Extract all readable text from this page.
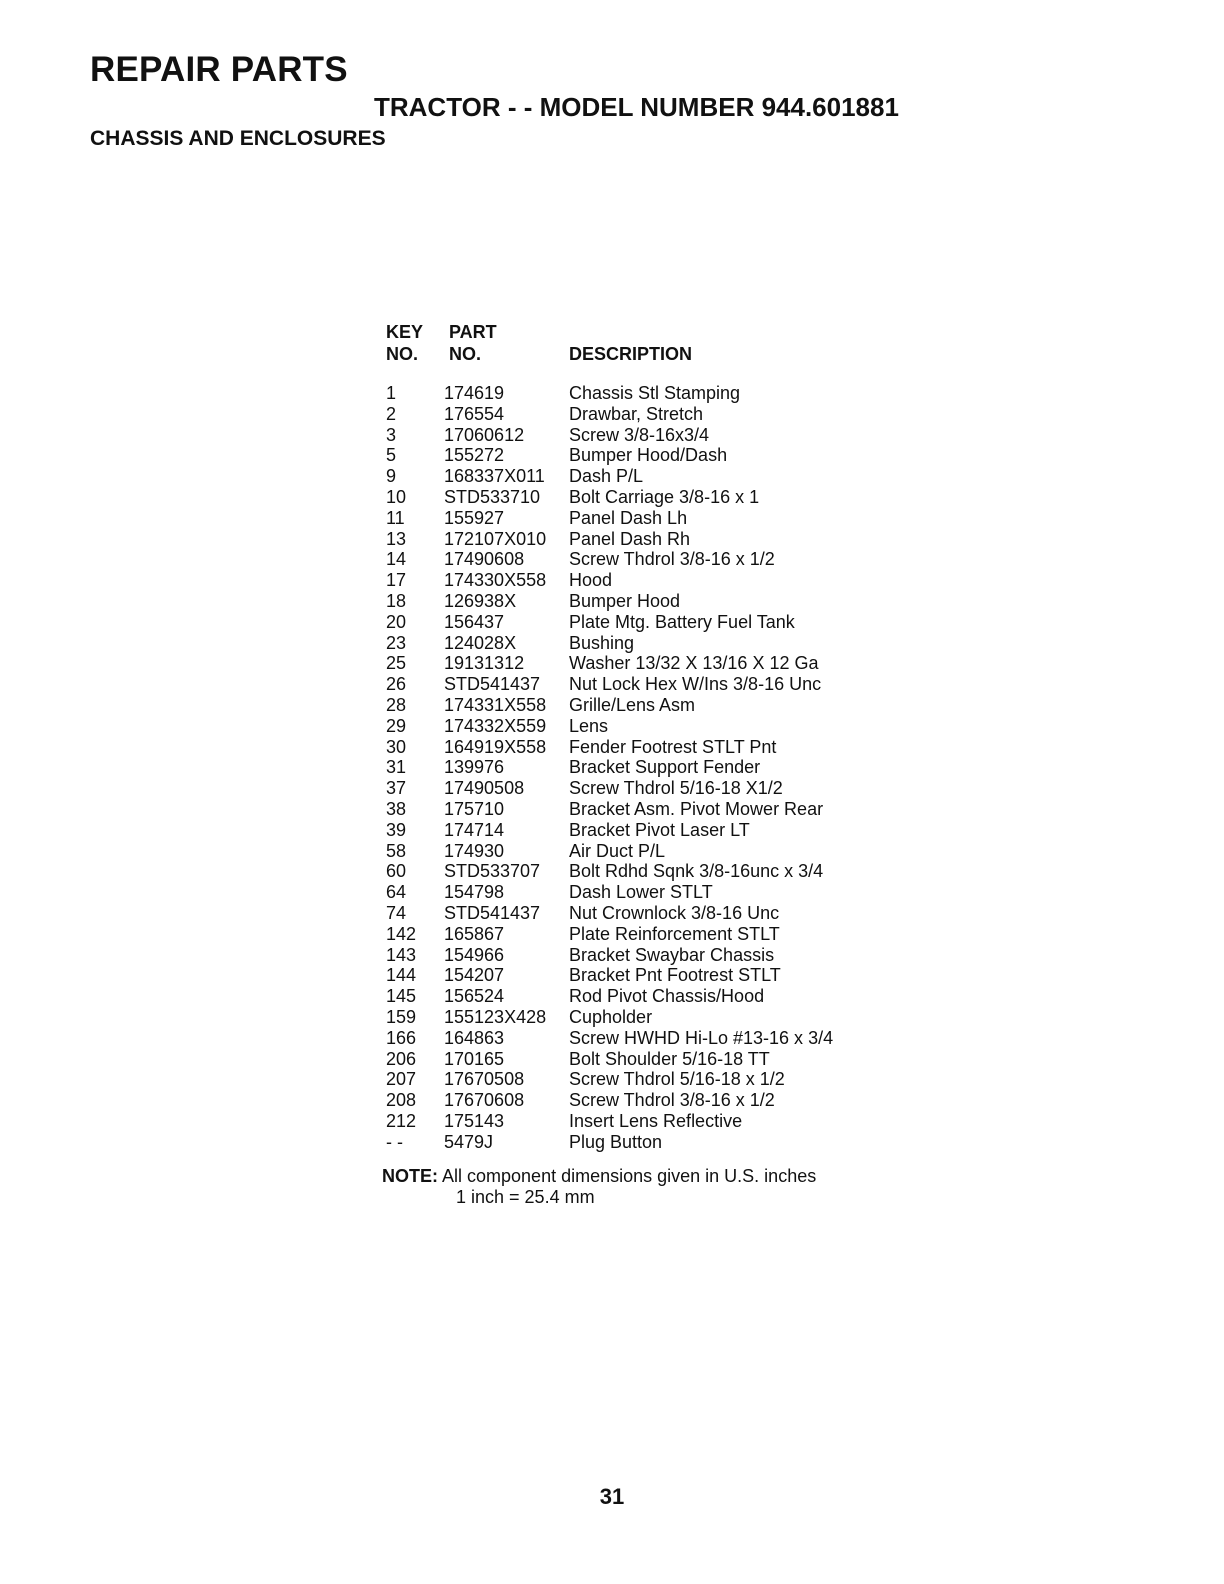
REPAIR PARTS
TRACTOR - - MODEL NUMBER 944.601881
CHASSIS AND ENCLOSURES
KEY
NO.
PART
NO.	DESCRIPTION
1	174619	Chassis Stl Stamping
2	176554	Drawbar, Stretch
3	17060612 Screw 3/8-16x3/4
5	155272	Bumper Hood/Dash
9	168337X011 Dash P/L
10 STD533710 Bolt Carriage 3/8-16 x 1
11 155927	Panel Dash Lh
13 172107X010 Panel Dash Rh
14 17490608 Screw Thdrol 3/8-16 x 1/2
17 174330X558 Hood
18 126938X	Bumper Hood
20 156437	Plate Mtg. Battery Fuel Tank
23 124028X	Bushing
25 19131312 Washer 13/32 X 13/16 X 12 Ga
26 STD541437 Nut Lock Hex W/Ins 3/8-16 Unc
28 174331X558 Grille/Lens Asm
29 174332X559 Lens
30 164919X558 Fender Footrest STLT Pnt
31 139976	Bracket Support Fender
37 17490508 Screw Thdrol 5/16-18 X1/2
38 175710	Bracket Asm. Pivot Mower Rear
39 174714	Bracket Pivot Laser LT
58 174930	Air Duct P/L
60 STD533707 Bolt Rdhd Sqnk 3/8-16unc x 3/4
64 154798	Dash Lower STLT
74 STD541437 Nut Crownlock 3/8-16 Unc
142 165867	Plate Reinforcement STLT
143 154966	Bracket Swaybar Chassis
144 154207	Bracket Pnt Footrest STLT
145 156524	Rod Pivot Chassis/Hood
159 155123X428 Cupholder
166 164863	Screw HWHD Hi-Lo #13-16 x 3/4
206 170165	Bolt Shoulder 5/16-18 TT
207 17670508 Screw Thdrol 5/16-18 x 1/2
208 17670608 Screw Thdrol 3/8-16 x 1/2
212 175143	Insert Lens Reflective
- - 5479J	Plug Button
NOTE: All component dimensions given in U.S. inches
1 inch = 25.4 mm
31
